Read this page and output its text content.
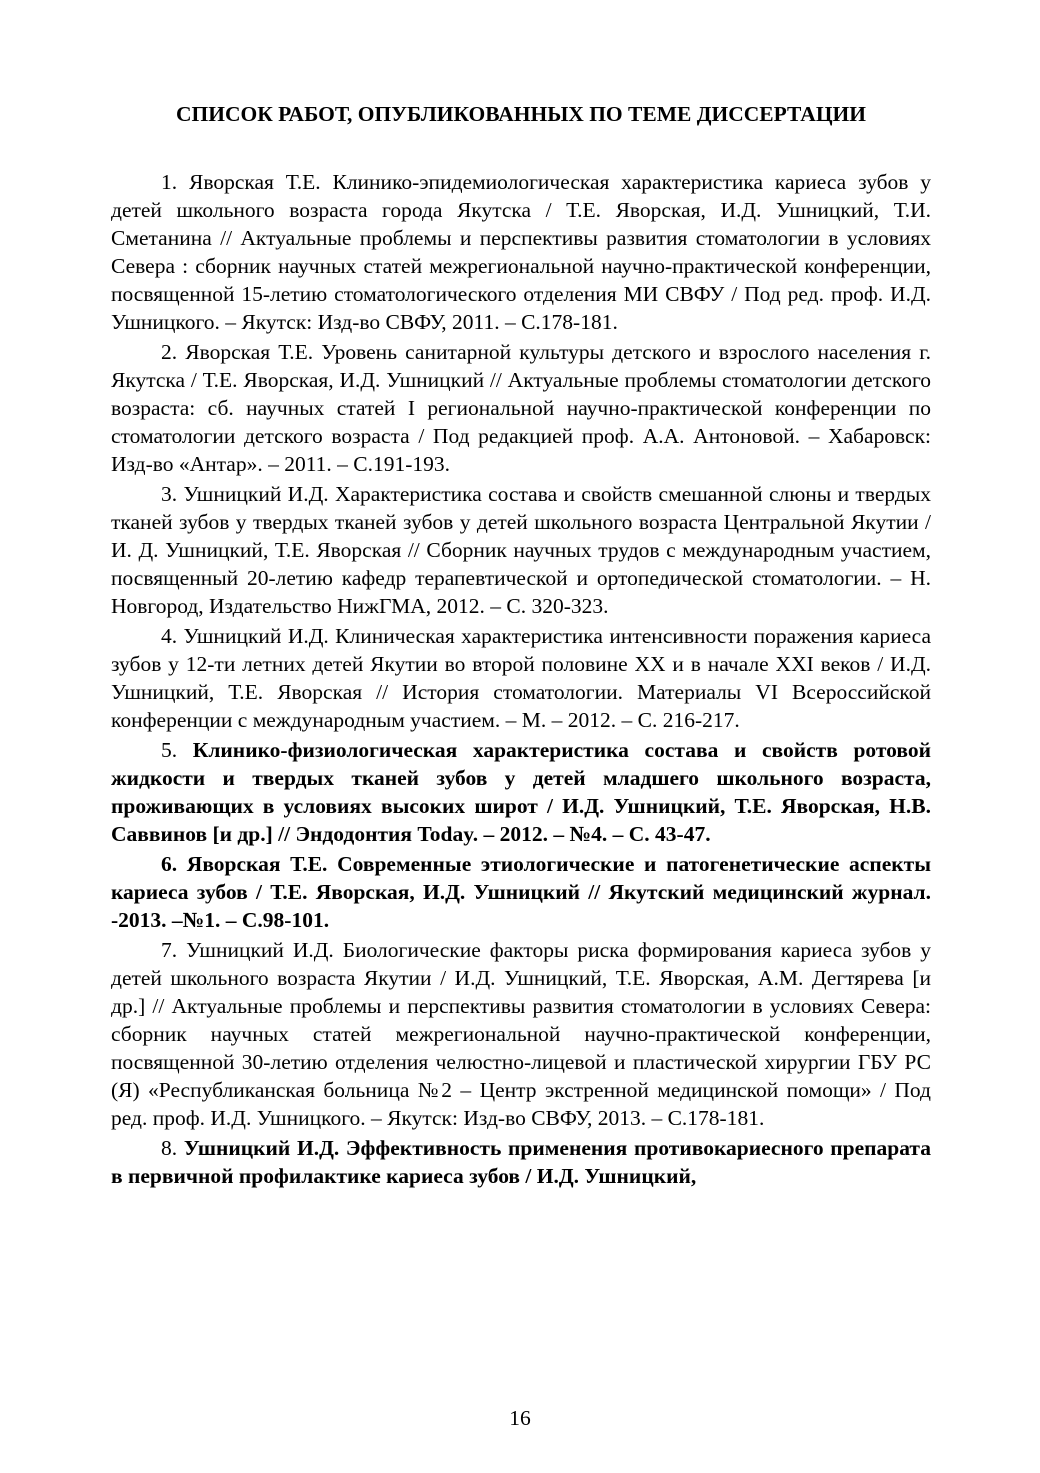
СПИСОК РАБОТ, ОПУБЛИКОВАННЫХ ПО ТЕМЕ ДИССЕРТАЦИИ

1. Яворская Т.Е. Клинико-эпидемиологическая характеристика кариеса зубов у детей школьного возраста города Якутска / Т.Е. Яворская, И.Д. Ушницкий, Т.И. Сметанина // Актуальные проблемы и перспективы развития стоматологии в условиях Севера : сборник научных статей межрегиональной научно-практической конференции, посвященной 15-летию стоматологического отделения МИ СВФУ / Под ред. проф. И.Д. Ушницкого. – Якутск: Изд-во СВФУ, 2011. – С.178-181.

2. Яворская Т.Е. Уровень санитарной культуры детского и взрослого населения г. Якутска / Т.Е. Яворская, И.Д. Ушницкий // Актуальные проблемы стоматологии детского возраста: сб. научных статей I региональной научно-практической конференции по стоматологии детского возраста / Под редакцией проф. А.А. Антоновой. – Хабаровск: Изд-во «Антар». – 2011. – С.191-193.

3. Ушницкий И.Д. Характеристика состава и свойств смешанной слюны и твердых тканей зубов у твердых тканей зубов у детей школьного возраста Центральной Якутии / И. Д. Ушницкий, Т.Е. Яворская // Сборник научных трудов с международным участием, посвященный 20-летию кафедр терапевтической и ортопедической стоматологии. – Н. Новгород, Издательство НижГМА, 2012. – С. 320-323.

4. Ушницкий И.Д. Клиническая характеристика интенсивности поражения кариеса зубов у 12-ти летних детей Якутии во второй половине XX и в начале XXI веков / И.Д. Ушницкий, Т.Е. Яворская // История стоматологии. Материалы VI Всероссийской конференции с международным участием. – М. – 2012. – С. 216-217.

5. Клинико-физиологическая характеристика состава и свойств ротовой жидкости и твердых тканей зубов у детей младшего школьного возраста, проживающих в условиях высоких широт / И.Д. Ушницкий, Т.Е. Яворская, Н.В. Саввинов [и др.] // Эндодонтия Today. – 2012. – №4. – С. 43-47.

6. Яворская Т.Е. Современные этиологические и патогенетические аспекты кариеса зубов / Т.Е. Яворская, И.Д. Ушницкий // Якутский медицинский журнал. -2013. –№1. – С.98-101.

7. Ушницкий И.Д. Биологические факторы риска формирования кариеса зубов у детей школьного возраста Якутии / И.Д. Ушницкий, Т.Е. Яворская, А.М. Дегтярева [и др.] // Актуальные проблемы и перспективы развития стоматологии в условиях Севера: сборник научных статей межрегиональной научно-практической конференции, посвященной 30-летию отделения челюстно-лицевой и пластической хирургии ГБУ РС (Я) «Республиканская больница №2 – Центр экстренной медицинской помощи» / Под ред. проф. И.Д. Ушницкого. – Якутск: Изд-во СВФУ, 2013. – С.178-181.

8. Ушницкий И.Д. Эффективность применения противокариесного препарата в первичной профилактике кариеса зубов / И.Д. Ушницкий,

16
